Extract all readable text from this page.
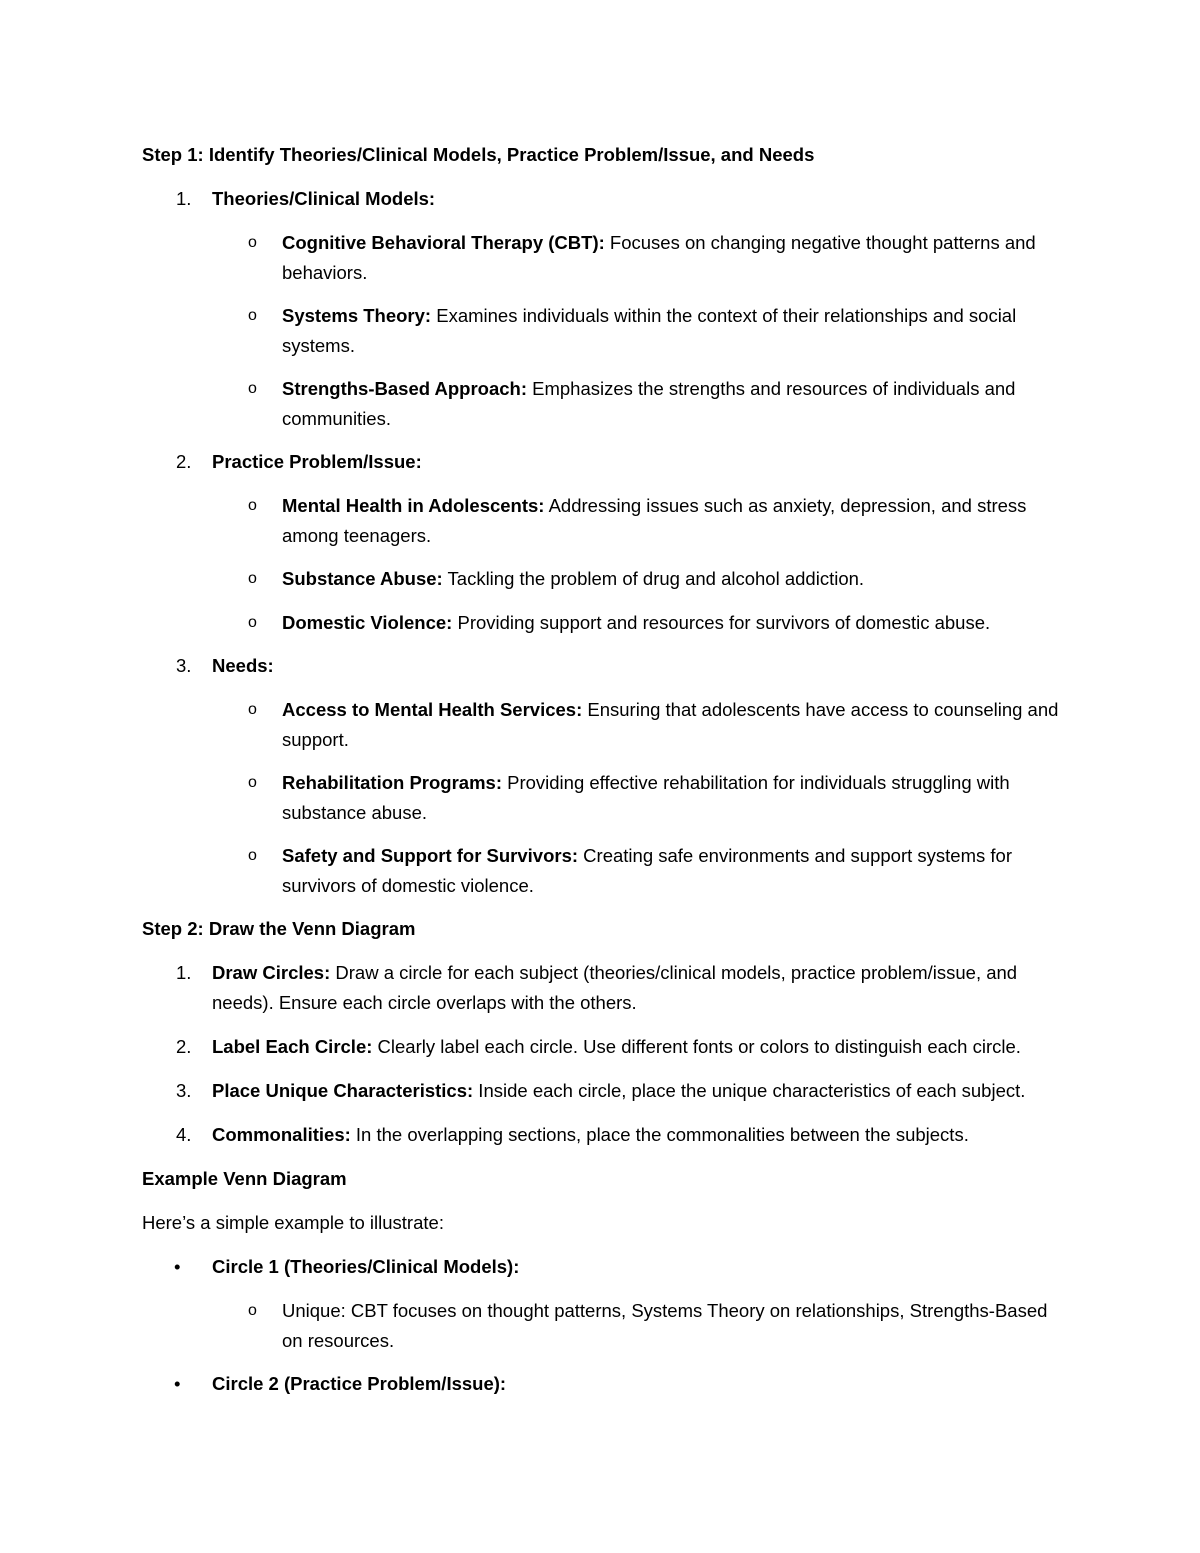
Step 1: Identify Theories/Clinical Models, Practice Problem/Issue, and Needs

1. Theories/Clinical Models:
o Cognitive Behavioral Therapy (CBT): Focuses on changing negative thought patterns and behaviors.
o Systems Theory: Examines individuals within the context of their relationships and social systems.
o Strengths-Based Approach: Emphasizes the strengths and resources of individuals and communities.
2. Practice Problem/Issue:
o Mental Health in Adolescents: Addressing issues such as anxiety, depression, and stress among teenagers.
o Substance Abuse: Tackling the problem of drug and alcohol addiction.
o Domestic Violence: Providing support and resources for survivors of domestic abuse.
3. Needs:
o Access to Mental Health Services: Ensuring that adolescents have access to counseling and support.
o Rehabilitation Programs: Providing effective rehabilitation for individuals struggling with substance abuse.
o Safety and Support for Survivors: Creating safe environments and support systems for survivors of domestic violence.

Step 2: Draw the Venn Diagram

1. Draw Circles: Draw a circle for each subject (theories/clinical models, practice problem/issue, and needs). Ensure each circle overlaps with the others.
2. Label Each Circle: Clearly label each circle. Use different fonts or colors to distinguish each circle.
3. Place Unique Characteristics: Inside each circle, place the unique characteristics of each subject.
4. Commonalities: In the overlapping sections, place the commonalities between the subjects.

Example Venn Diagram

Here’s a simple example to illustrate:

• Circle 1 (Theories/Clinical Models):
o Unique: CBT focuses on thought patterns, Systems Theory on relationships, Strengths-Based on resources.
• Circle 2 (Practice Problem/Issue):
